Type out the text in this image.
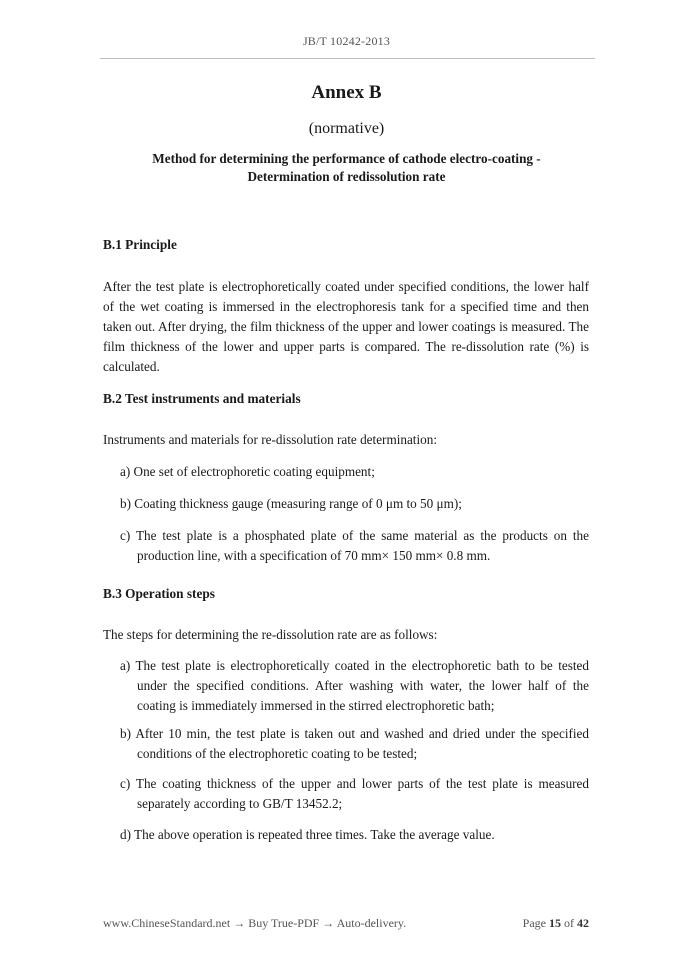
JB/T 10242-2013
Annex B
(normative)
Method for determining the performance of cathode electro-coating -
Determination of redissolution rate
B.1 Principle
After the test plate is electrophoretically coated under specified conditions, the lower half of the wet coating is immersed in the electrophoresis tank for a specified time and then taken out. After drying, the film thickness of the upper and lower coatings is measured. The film thickness of the lower and upper parts is compared. The re-dissolution rate (%) is calculated.
B.2 Test instruments and materials
Instruments and materials for re-dissolution rate determination:
a) One set of electrophoretic coating equipment;
b) Coating thickness gauge (measuring range of 0 μm to 50 μm);
c) The test plate is a phosphated plate of the same material as the products on the production line, with a specification of 70 mm× 150 mm× 0.8 mm.
B.3 Operation steps
The steps for determining the re-dissolution rate are as follows:
a) The test plate is electrophoretically coated in the electrophoretic bath to be tested under the specified conditions. After washing with water, the lower half of the coating is immediately immersed in the stirred electrophoretic bath;
b) After 10 min, the test plate is taken out and washed and dried under the specified conditions of the electrophoretic coating to be tested;
c) The coating thickness of the upper and lower parts of the test plate is measured separately according to GB/T 13452.2;
d) The above operation is repeated three times. Take the average value.
www.ChineseStandard.net → Buy True-PDF → Auto-delivery.	Page 15 of 42
